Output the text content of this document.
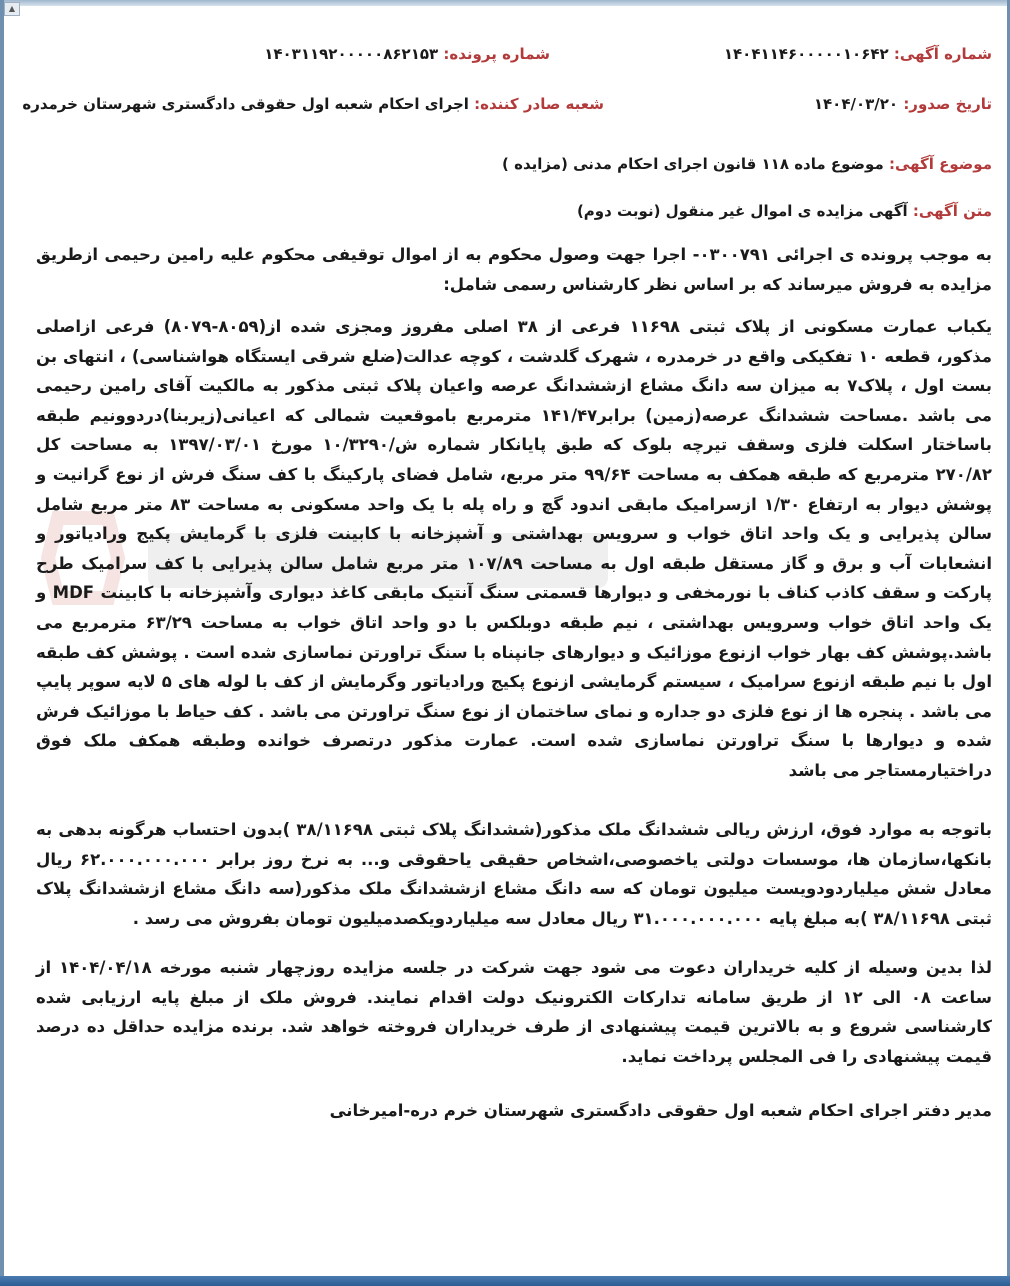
▲
شماره آگهی: ۱۴۰۴۱۱۴۶۰۰۰۰۰۱۰۶۴۲
شماره پرونده: ۱۴۰۳۱۱۹۲۰۰۰۰۰۸۶۲۱۵۳
تاریخ صدور: ۱۴۰۴/۰۳/۲۰
شعبه صادر کننده: اجرای احکام شعبه اول حقوقی دادگستری شهرستان خرمدره
موضوع آگهی: موضوع ماده ۱۱۸ قانون اجرای احکام مدنی (مزایده )
متن آگهی: آگهی مزایده ی اموال غیر منقول (نوبت دوم)
به موجب پرونده ی اجرائی ۰۳۰۰۷۹۱- اجرا جهت وصول محکوم به از اموال توقیفی محکوم علیه رامین رحیمی ازطریق مزایده به فروش میرساند که بر اساس نظر کارشناس رسمی شامل:
یکباب عمارت مسکونی از پلاک ثبتی ۱۱۶۹۸ فرعی از ۳۸ اصلی مفروز ومجزی شده از(۸۰۵۹-۸۰۷۹) فرعی ازاصلی مذکور، قطعه ۱۰ تفکیکی واقع در خرمدره ، شهرک گلدشت ، کوچه عدالت(ضلع شرقی ایستگاه هواشناسی) ، انتهای بن بست اول ، پلاک۷ به میزان سه دانگ مشاع ازششدانگ عرصه واعیان پلاک ثبتی مذکور به مالکیت آقای رامین رحیمی می باشد .مساحت ششدانگ عرصه(زمین) برابر۱۴۱/۴۷ مترمربع باموقعیت شمالی که اعیانی(زیربنا)دردوونیم طبقه باساختار اسکلت فلزی وسقف تیرچه بلوک که طبق پایانکار شماره ش/۱۰/۳۲۹۰ مورخ ۱۳۹۷/۰۳/۰۱ به مساحت کل ۲۷۰/۸۲ مترمربع که طبقه همکف به مساحت ۹۹/۶۴ متر مربع، شامل فضای پارکینگ با کف سنگ فرش از نوع گرانیت و پوشش دیوار به ارتفاع ۱/۳۰ ازسرامیک مابقی اندود گچ و راه پله با یک واحد مسکونی به مساحت ۸۳ متر مربع شامل سالن پذیرایی و یک واحد اتاق خواب و سرویس بهداشتی و آشپزخانه با کابینت فلزی با گرمایش پکیج ورادیاتور و انشعابات آب و برق و گاز مستقل طبقه اول به مساحت ۱۰۷/۸۹ متر مربع شامل سالن پذیرایی با کف سرامیک طرح پارکت و سقف کاذب کناف با نورمخفی و دیوارها قسمتی سنگ آنتیک مابقی کاغذ دیواری وآشپزخانه با کابینت MDF و یک واحد اتاق خواب وسرویس بهداشتی ، نیم طبقه دوبلکس با دو واحد اتاق خواب به مساحت ۶۳/۲۹ مترمربع می باشد.پوشش کف بهار خواب ازنوع موزائیک و دیوارهای جانپناه با سنگ تراورتن نماسازی شده است . پوشش کف طبقه اول با نیم طبقه ازنوع سرامیک ، سیستم گرمایشی ازنوع پکیج ورادیاتور وگرمایش از کف با لوله های ۵ لایه سوپر پایپ می باشد . پنجره ها از نوع فلزی دو جداره و نمای ساختمان از نوع سنگ تراورتن می باشد . کف حیاط با موزائیک فرش شده و دیوارها با سنگ تراورتن نماسازی شده است. عمارت مذکور درتصرف خوانده وطبقه همکف ملک فوق دراختیارمستاجر می باشد
باتوجه به موارد فوق، ارزش ریالی ششدانگ ملک مذکور(ششدانگ پلاک ثبتی ۳۸/۱۱۶۹۸ )بدون احتساب هرگونه بدهی به بانکها،سازمان ها، موسسات دولتی یاخصوصی،اشخاص حقیقی یاحقوقی و... به نرخ روز برابر ۶۲.۰۰۰.۰۰۰.۰۰۰ ریال معادل شش میلیاردودویست میلیون تومان که سه دانگ مشاع ازششدانگ ملک مذکور(سه دانگ مشاع ازششدانگ پلاک ثبتی ۳۸/۱۱۶۹۸ )به مبلغ پایه ۳۱.۰۰۰.۰۰۰.۰۰۰ ریال معادل سه میلیاردویکصدمیلیون تومان بفروش می رسد .
لذا بدین وسیله از کلیه خریداران دعوت می شود جهت شرکت در جلسه مزایده روزچهار شنبه مورخه ۱۴۰۴/۰۴/۱۸ از ساعت ۰۸ الی ۱۲ از طریق سامانه تدارکات الکترونیک دولت اقدام نمایند. فروش ملک از مبلغ پایه ارزیابی شده کارشناسی شروع و به بالاترین قیمت پیشنهادی از طرف خریداران فروخته خواهد شد. برنده مزایده حداقل ده درصد قیمت پیشنهادی را فی المجلس پرداخت نماید.
مدیر دفتر اجرای احکام شعبه اول حقوقی دادگستری شهرستان خرم دره-امیرخانی
